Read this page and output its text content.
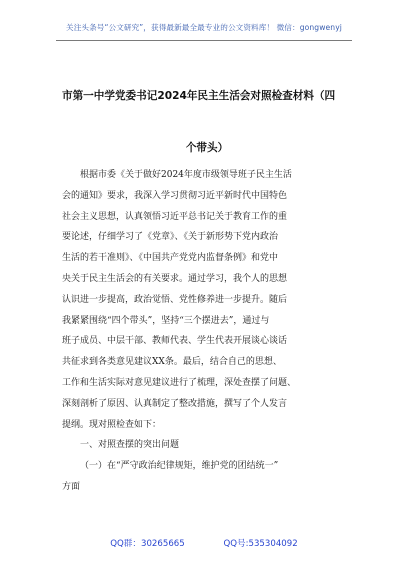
关注头条号“公文研究”，获得最新最全最专业的公文资料库！ 微信：gongwenyj
市第一中学党委书记2024年民主生活会对照检查材料（四
个带头）
根据市委《关于做好2024年度市级领导班子民主生活
会的通知》要求，我深入学习贯彻习近平新时代中国特色
社会主义思想，认真领悟习近平总书记关于教育工作的重
要论述，仔细学习了《党章》、《关于新形势下党内政治
生活的若干准则》、《中国共产党党内监督条例》和党中
央关于民主生活会的有关要求。通过学习，我个人的思想
认识进一步提高，政治觉悟、党性修养进一步提升。随后
我紧紧围绕“四个带头”，坚持“三个摆进去”，通过与
班子成员、中层干部、教师代表、学生代表开展谈心谈话
共征求到各类意见建议XX条。最后，结合自己的思想、
工作和生活实际对意见建议进行了梳理，深处查摆了问题、
深刻剖析了原因、认真制定了整改措施，撰写了个人发言
提纲。现对照检查如下：
一、对照查摆的突出问题
（一）在“严守政治纪律规矩，维护党的团结统一”
方面
QQ群：30265665	QQ号:535304092
